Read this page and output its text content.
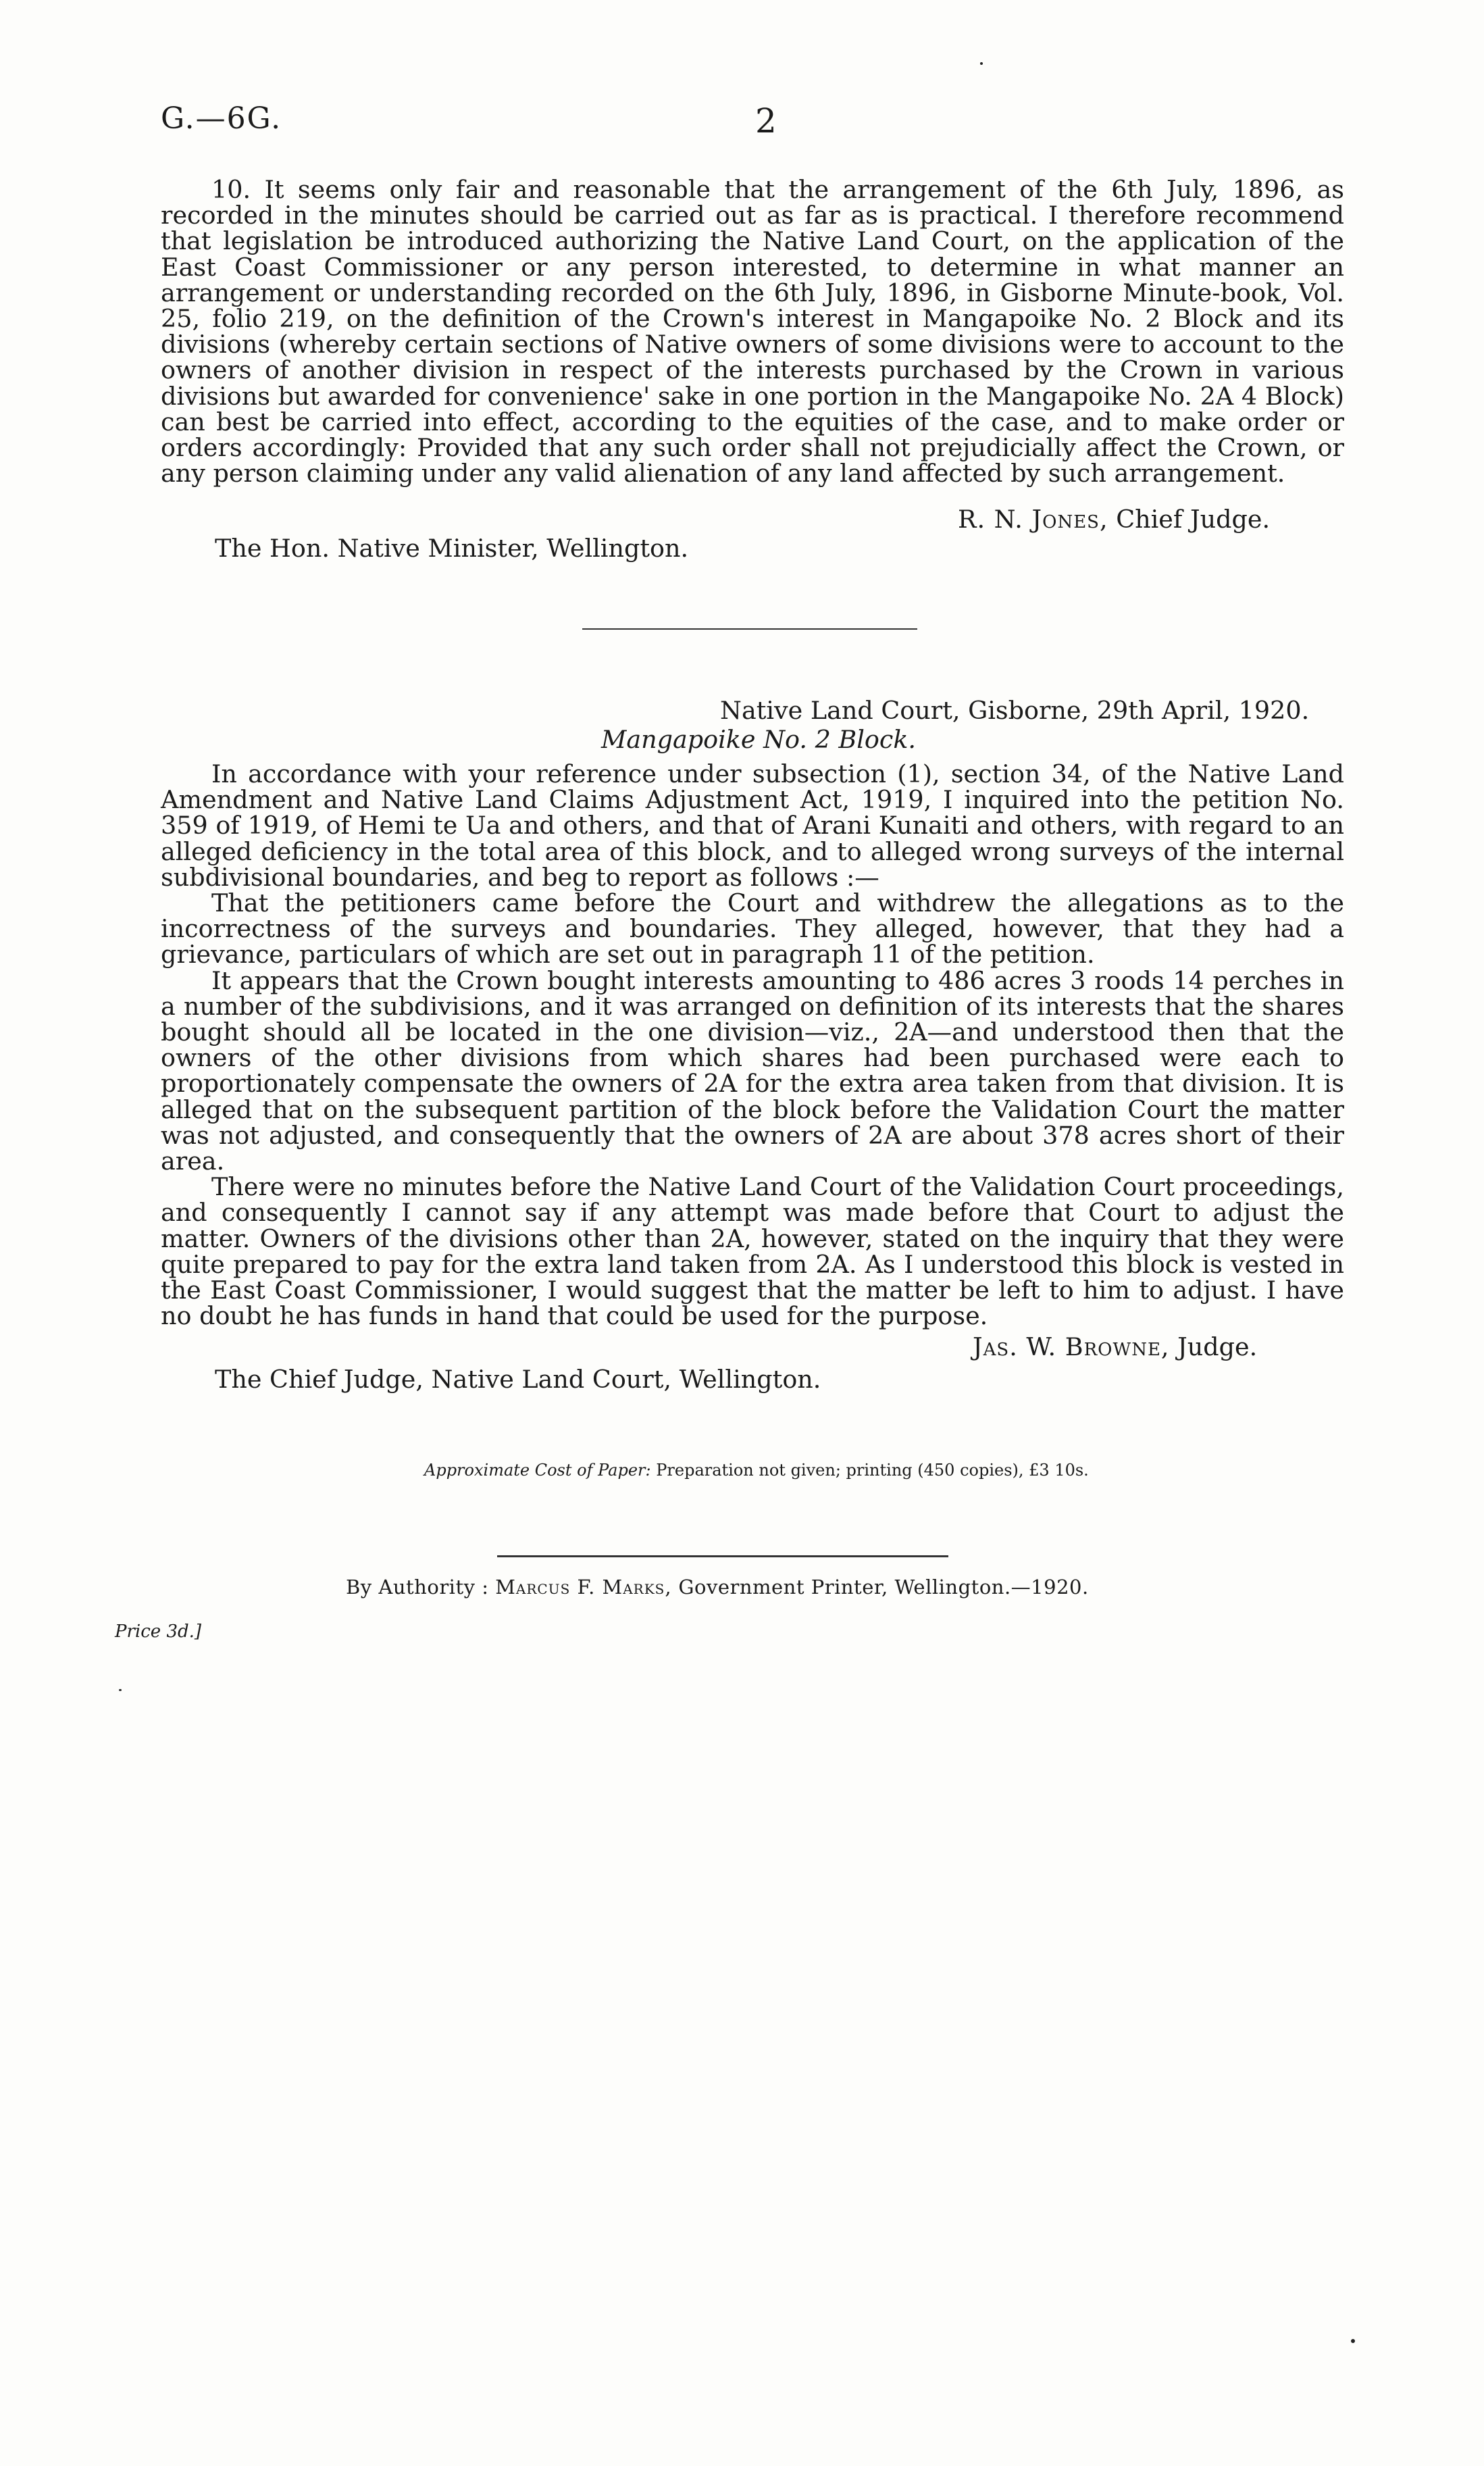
G.—6G.	2

10. It seems only fair and reasonable that the arrangement of the 6th July, 1896, as recorded in the minutes should be carried out as far as is practical. I therefore recommend that legislation be introduced authorizing the Native Land Court, on the application of the East Coast Commissioner or any person interested, to determine in what manner an arrangement or understanding recorded on the 6th July, 1896, in Gisborne Minute-book, Vol. 25, folio 219, on the definition of the Crown's interest in Mangapoike No. 2 Block and its divisions (whereby certain sections of Native owners of some divisions were to account to the owners of another division in respect of the interests purchased by the Crown in various divisions but awarded for convenience' sake in one portion in the Mangapoike No. 2A 4 Block) can best be carried into effect, according to the equities of the case, and to make order or orders accordingly: Provided that any such order shall not prejudicially affect the Crown, or any person claiming under any valid alienation of any land affected by such arrangement.

R. N. Jones, Chief Judge.
The Hon. Native Minister, Wellington.
Native Land Court, Gisborne, 29th April, 1920.
Mangapoike No. 2 Block.

In accordance with your reference under subsection (1), section 34, of the Native Land Amendment and Native Land Claims Adjustment Act, 1919, I inquired into the petition No. 359 of 1919, of Hemi te Ua and others, and that of Arani Kunaiti and others, with regard to an alleged deficiency in the total area of this block, and to alleged wrong surveys of the internal subdivisional boundaries, and beg to report as follows :—

That the petitioners came before the Court and withdrew the allegations as to the incorrectness of the surveys and boundaries. They alleged, however, that they had a grievance, particulars of which are set out in paragraph 11 of the petition.

It appears that the Crown bought interests amounting to 486 acres 3 roods 14 perches in a number of the subdivisions, and it was arranged on definition of its interests that the shares bought should all be located in the one division—viz., 2A—and understood then that the owners of the other divisions from which shares had been purchased were each to proportionately compensate the owners of 2A for the extra area taken from that division. It is alleged that on the subsequent partition of the block before the Validation Court the matter was not adjusted, and consequently that the owners of 2A are about 378 acres short of their area.

There were no minutes before the Native Land Court of the Validation Court proceedings, and consequently I cannot say if any attempt was made before that Court to adjust the matter. Owners of the divisions other than 2A, however, stated on the inquiry that they were quite prepared to pay for the extra land taken from 2A. As I understood this block is vested in the East Coast Commissioner, I would suggest that the matter be left to him to adjust. I have no doubt he has funds in hand that could be used for the purpose.

Jas. W. Browne, Judge.
The Chief Judge, Native Land Court, Wellington.
Approximate Cost of Paper: Preparation not given; printing (450 copies), £3 10s.
By Authority : Marcus F. Marks, Government Printer, Wellington.—1920.
Price 3d.]
